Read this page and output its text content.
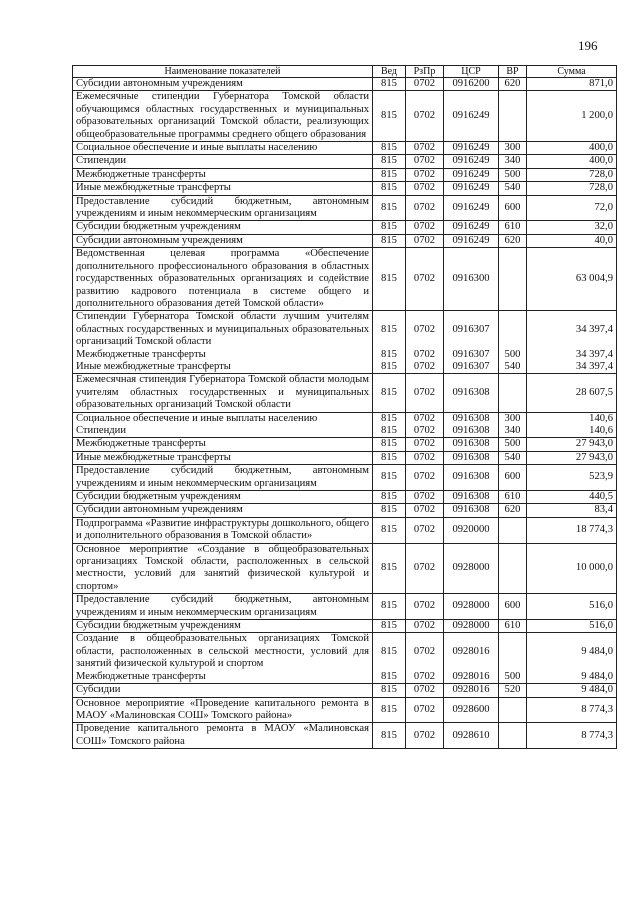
196
Наименование показателей	Вед	РзПр	ЦСР	ВР	Сумма
Субсидии автономным учреждениям	815	0702	0916200	620	871,0
Ежемесячные стипендии Губернатора Томской области обучающимся областных государственных и муниципальных образовательных организаций Томской области, реализующих общеобразовательные программы среднего общего образования	815	0702	0916249		1 200,0
Социальное обеспечение и иные выплаты населению	815	0702	0916249	300	400,0
Стипендии	815	0702	0916249	340	400,0
Межбюджетные трансферты	815	0702	0916249	500	728,0
Иные межбюджетные трансферты	815	0702	0916249	540	728,0
Предоставление субсидий бюджетным, автономным учреждениям и иным некоммерческим организациям	815	0702	0916249	600	72,0
Субсидии бюджетным учреждениям	815	0702	0916249	610	32,0
Субсидии автономным учреждениям	815	0702	0916249	620	40,0
Ведомственная целевая программа «Обеспечение дополнительного профессионального образования в областных государственных образовательных организациях и содействие развитию кадрового потенциала в системе общего и дополнительного образования детей Томской области»	815	0702	0916300		63 004,9
Стипендии Губернатора Томской области лучшим учителям областных государственных и муниципальных образовательных организаций Томской области	815	0702	0916307		34 397,4
Межбюджетные трансферты	815	0702	0916307	500	34 397,4
Иные межбюджетные трансферты	815	0702	0916307	540	34 397,4
Ежемесячная стипендия Губернатора Томской области молодым учителям областных государственных и муниципальных образовательных организаций Томской области	815	0702	0916308		28 607,5
Социальное обеспечение и иные выплаты населению	815	0702	0916308	300	140,6
Стипендии	815	0702	0916308	340	140,6
Межбюджетные трансферты	815	0702	0916308	500	27 943,0
Иные межбюджетные трансферты	815	0702	0916308	540	27 943,0
Предоставление субсидий бюджетным, автономным учреждениям и иным некоммерческим организациям	815	0702	0916308	600	523,9
Субсидии бюджетным учреждениям	815	0702	0916308	610	440,5
Субсидии автономным учреждениям	815	0702	0916308	620	83,4
Подпрограмма «Развитие инфраструктуры дошкольного, общего и дополнительного образования в Томской области»	815	0702	0920000		18 774,3
Основное мероприятие «Создание в общеобразовательных организациях Томской области, расположенных в сельской местности, условий для занятий физической культурой и спортом»	815	0702	0928000		10 000,0
Предоставление субсидий бюджетным, автономным учреждениям и иным некоммерческим организациям	815	0702	0928000	600	516,0
Субсидии бюджетным учреждениям	815	0702	0928000	610	516,0
Создание в общеобразовательных организациях Томской области, расположенных в сельской местности, условий для занятий физической культурой и спортом	815	0702	0928016		9 484,0
Межбюджетные трансферты	815	0702	0928016	500	9 484,0
Субсидии	815	0702	0928016	520	9 484,0
Основное мероприятие «Проведение капитального ремонта в МАОУ «Малиновская СОШ» Томского района»	815	0702	0928600		8 774,3
Проведение капитального ремонта в МАОУ «Малиновская СОШ» Томского района	815	0702	0928610		8 774,3
